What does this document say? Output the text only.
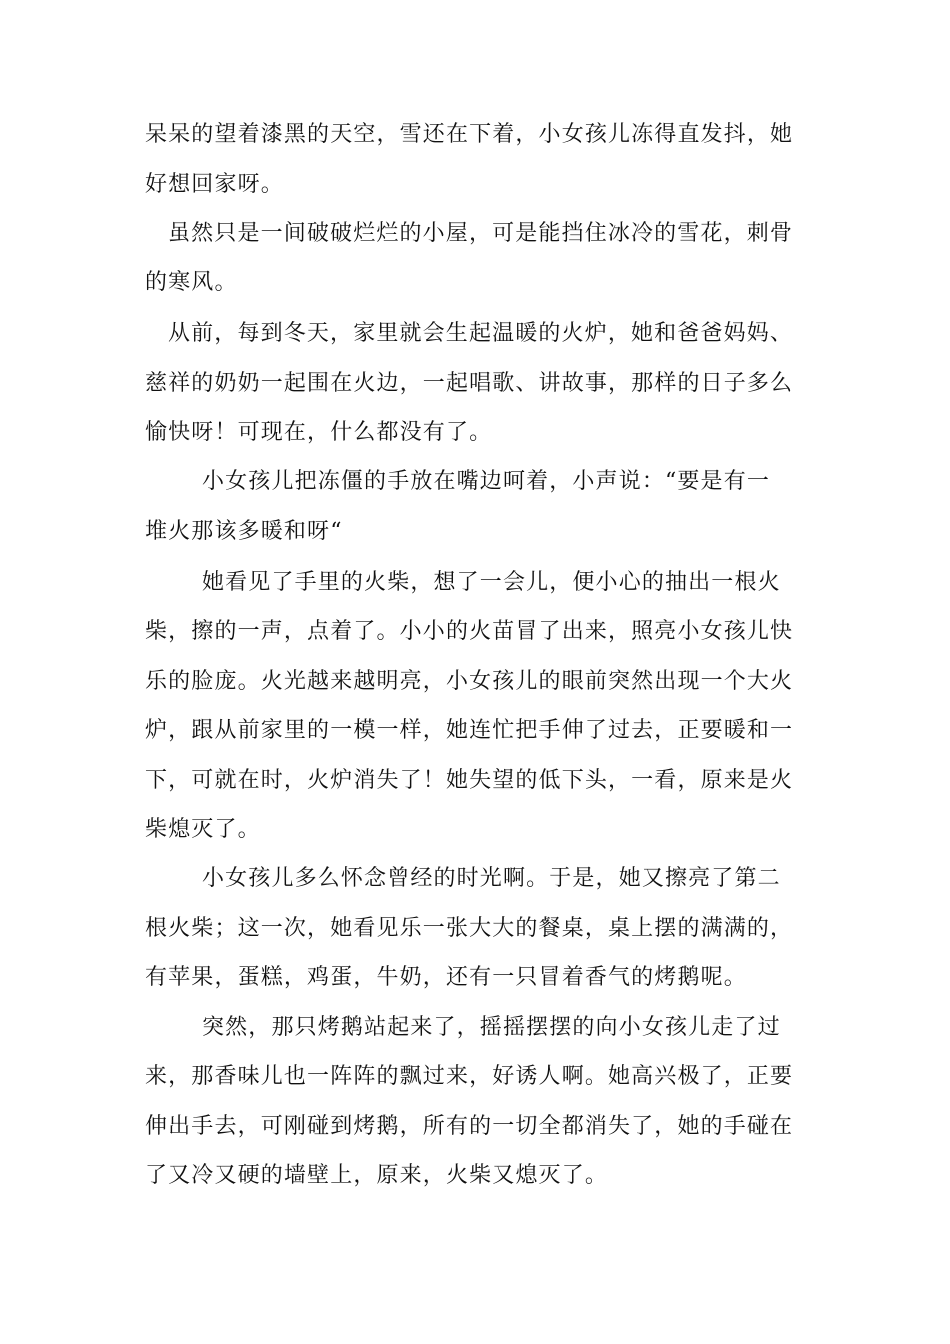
呆呆的望着漆黑的天空，雪还在下着，小女孩儿冻得直发抖，她
好想回家呀。
虽然只是一间破破烂烂的小屋，可是能挡住冰冷的雪花，刺骨
的寒风。
从前，每到冬天，家里就会生起温暖的火炉，她和爸爸妈妈、
慈祥的奶奶一起围在火边，一起唱歌、讲故事，那样的日子多么
愉快呀！可现在，什么都没有了。
小女孩儿把冻僵的手放在嘴边呵着，小声说：“要是有一
堆火那该多暖和呀“
她看见了手里的火柴，想了一会儿，便小心的抽出一根火
柴，擦的一声，点着了。小小的火苗冒了出来，照亮小女孩儿快
乐的脸庞。火光越来越明亮，小女孩儿的眼前突然出现一个大火
炉，跟从前家里的一模一样，她连忙把手伸了过去，正要暖和一
下，可就在时，火炉消失了！她失望的低下头，一看，原来是火
柴熄灭了。
小女孩儿多么怀念曾经的时光啊。于是，她又擦亮了第二
根火柴；这一次，她看见乐一张大大的餐桌，桌上摆的满满的，
有苹果，蛋糕，鸡蛋，牛奶，还有一只冒着香气的烤鹅呢。
突然，那只烤鹅站起来了，摇摇摆摆的向小女孩儿走了过
来，那香味儿也一阵阵的飘过来，好诱人啊。她高兴极了，正要
伸出手去，可刚碰到烤鹅，所有的一切全都消失了，她的手碰在
了又冷又硬的墙壁上，原来，火柴又熄灭了。
